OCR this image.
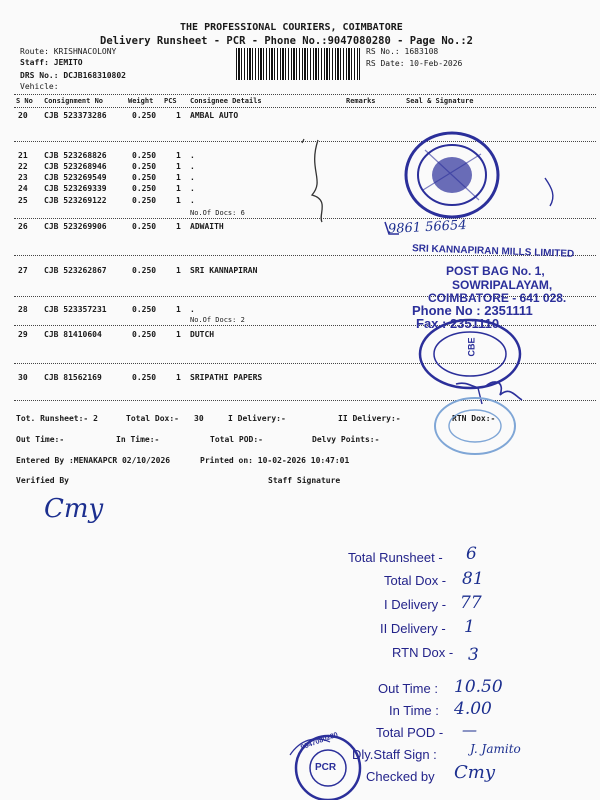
THE PROFESSIONAL COURIERS, COIMBATORE
Delivery Runsheet - PCR - Phone No.:9047080280 - Page No.:2
Route: KRISHNACOLONY
Staff: JEMITO
DRS No.: DCJB168310802
Vehicle:
RS No.: 1683108
RS Date: 10-Feb-2026
S No Consignment No	Weight PCS Consignee Details	Remarks	Seal & Signature
20 CJB 523373286	0.250 1 AMBAL AUTO
21 CJB 523268826	0.250 1 .
22 CJB 523268946	0.250 1 .
23 CJB 523269549	0.250 1 .
24 CJB 523269339	0.250 1 .
25 CJB 523269122	0.250 1 .
No.Of Docs: 6
26 CJB 523269906	0.250 1 ADWAITH
27 CJB 523262867	0.250 1 SRI KANNAPIRAN
28 CJB 523357231	0.250 1 .
No.Of Docs: 2
29 CJB 81410604	0.250 1 DUTCH
30 CJB 81562169	0.250 1 SRIPATHI PAPERS
Tot. Runsheet:- 2	Total Dox:- 30	I Delivery:-	II Delivery:-	RTN Dox:-
Out Time:-	In Time:-	Total POD:-	Delvy Points:-
Entered By :MENAKAPCR 02/10/2026	Printed on: 10-02-2026 10:47:01
Verified By	Staff Signature
Cmy
9861 56654
SRI KANNAPIRAN MILLS LIMITED
POST BAG No. 1,
SOWRIPALAYAM,
COIMBATORE - 641 028.
Phone No : 2351111
Fax : 2351110
CBE
Total Runsheet - 6
Total Dox - 81
I Delivery - 77
II Delivery - 1
RTN Dox - 3
Out Time : 10.50
In Time : 4.00
Total POD - —
Dly.Staff Sign :	J. Jamito
Checked by Cmy
PCR
9847080280
